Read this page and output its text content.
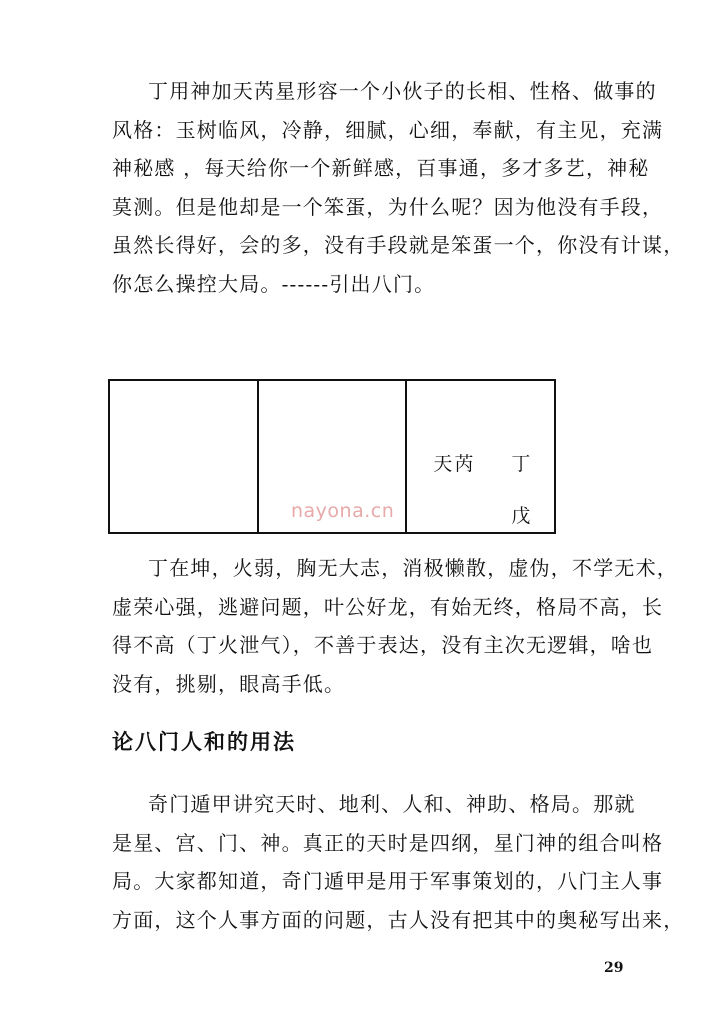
丁用神加天芮星形容一个小伙子的长相、性格、做事的
风格：玉树临风，冷静，细腻，心细，奉献，有主见，充满
神秘感 ，每天给你一个新鲜感，百事通，多才多艺，神秘
莫测。但是他却是一个笨蛋，为什么呢？因为他没有手段，
虽然长得好，会的多，没有手段就是笨蛋一个，你没有计谋，
你怎么操控大局。------引出八门。
天芮 丁
戊
nayona.cn
丁在坤，火弱，胸无大志，消极懒散，虚伪，不学无术，
虚荣心强，逃避问题，叶公好龙，有始无终，格局不高，长
得不高（丁火泄气），不善于表达，没有主次无逻辑，啥也
没有，挑剔，眼高手低。
论八门人和的用法
奇门遁甲讲究天时、地利、人和、神助、格局。那就
是星、宫、门、神。真正的天时是四纲，星门神的组合叫格
局。大家都知道，奇门遁甲是用于军事策划的，八门主人事
方面，这个人事方面的问题，古人没有把其中的奥秘写出来，
29
